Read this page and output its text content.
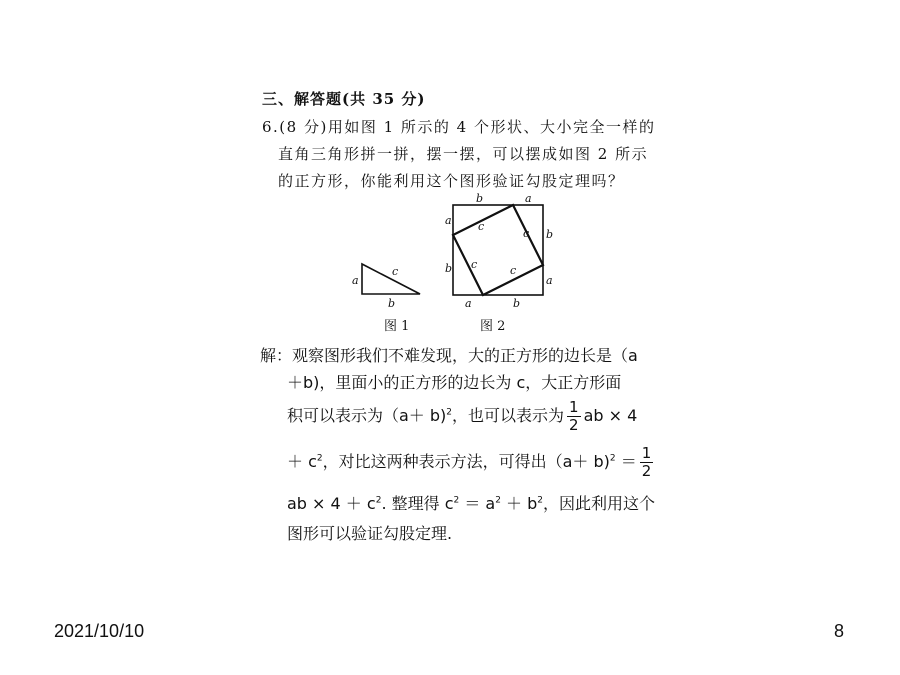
三、解答题(共 35 分)
6.(8 分)用如图 1 所示的 4 个形状、大小完全一样的
直角三角形拼一拼，摆一摆，可以摆成如图 2 所示
的正方形，你能利用这个图形验证勾股定理吗？
a
b
c
图 1
b	a
b
a
a	b
a
b
c
c
c	c
图 2
解：观察图形我们不难发现，大的正方形的边长是（a
＋b)，里面小的正方形的边长为 c，大正方形面
积可以表示为（a＋ b)$^2$，也可以表示为 $\frac{1}{2}$ ab × 4
＋ $c^2$，对比这两种表示方法，可得出$(a+ b)^2 = \frac{1}{2}$
ab × $4 + c^2$. 整理得 $c^2 = a^2 + b^2$，因此利用这个
图形可以验证勾股定理.
2021/10/10	8
